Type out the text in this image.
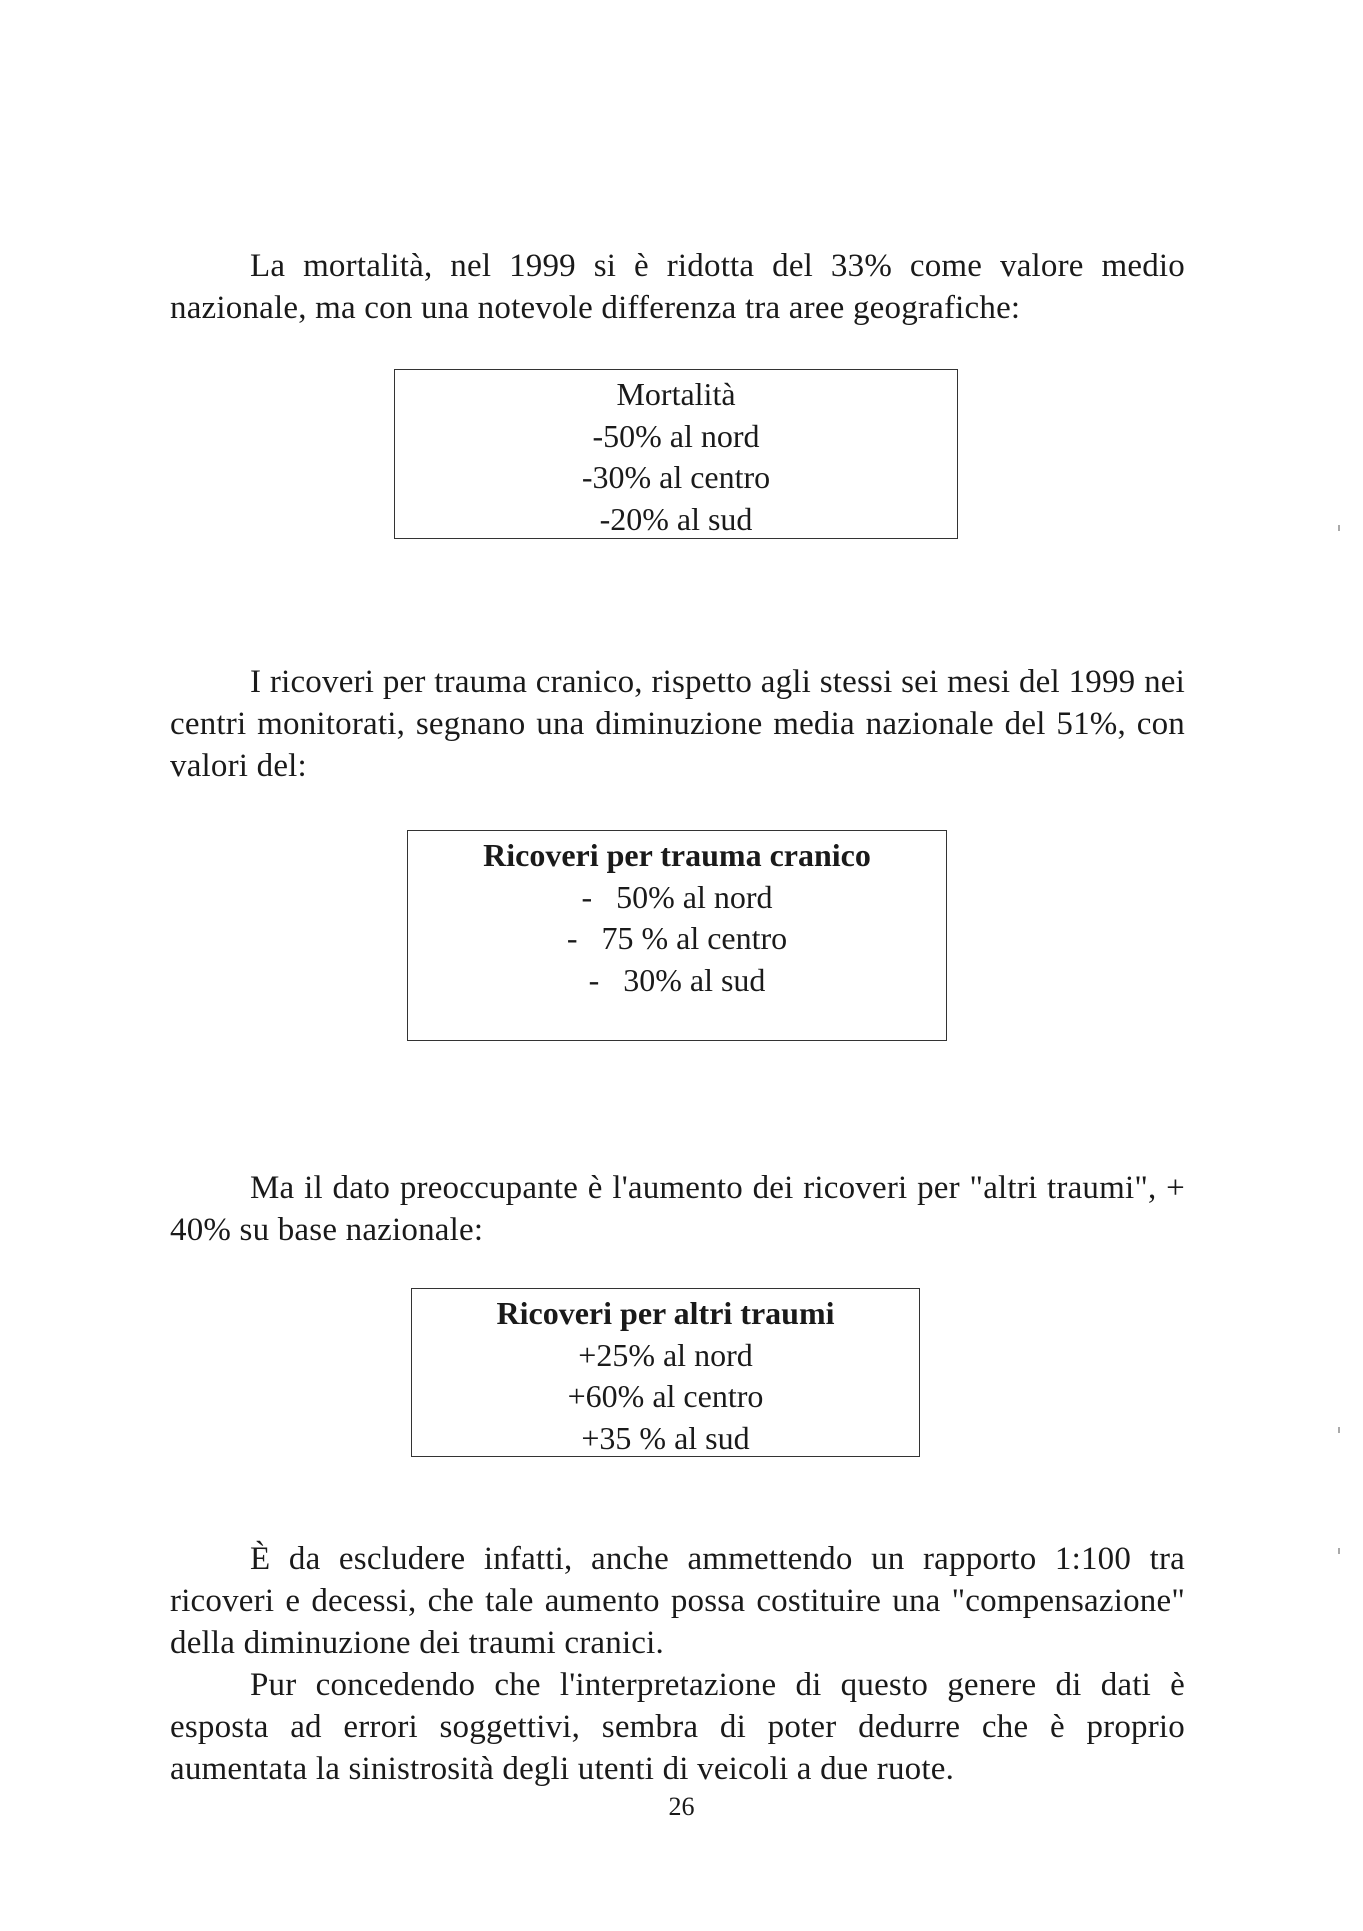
La mortalità, nel 1999 si è ridotta del 33% come valore medio nazionale, ma con una notevole differenza tra aree geografiche:

Mortalità
-50% al nord
-30% al centro
-20% al sud

I ricoveri per trauma cranico, rispetto agli stessi sei mesi del 1999 nei centri monitorati, segnano una diminuzione media nazionale del 51%, con valori del:

Ricoveri per trauma cranico
-   50% al nord
-   75 % al centro
-   30% al sud

Ma il dato preoccupante è l'aumento dei ricoveri per "altri traumi", + 40% su base nazionale:

Ricoveri per altri traumi
+25% al nord
+60% al centro
+35 % al sud

È da escludere infatti, anche ammettendo un rapporto 1:100 tra ricoveri e decessi, che tale aumento possa costituire una "compensazione" della diminuzione dei traumi cranici.

Pur concedendo che l'interpretazione di questo genere di dati è esposta ad errori soggettivi, sembra di poter dedurre che è proprio aumentata la sinistrosità degli utenti di veicoli a due ruote.

26
